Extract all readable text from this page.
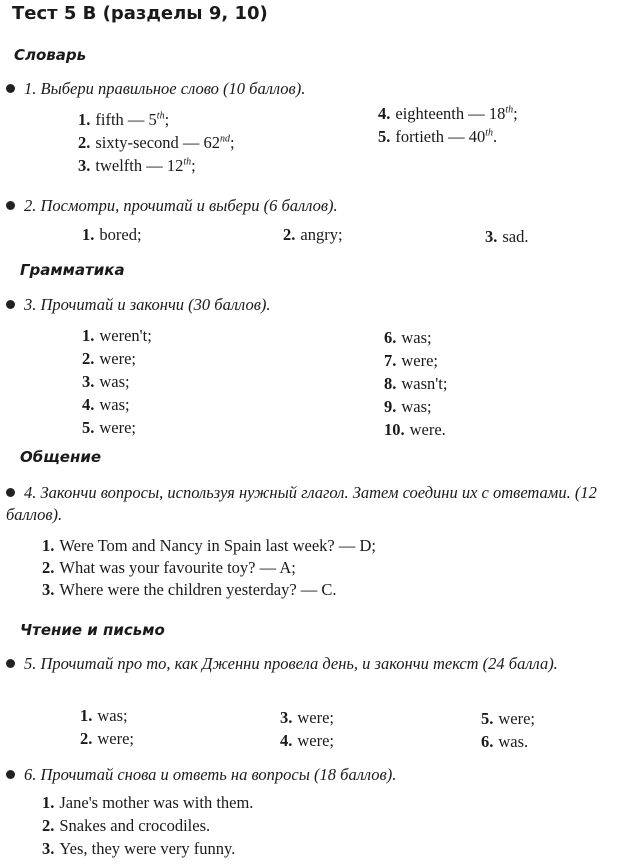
Тест 5 B (разделы 9, 10)
Словарь
1. Выбери правильное слово (10 баллов).
1. fifth — 5th;
2. sixty-second — 62nd;
3. twelfth — 12th;
4. eighteenth — 18th;
5. fortieth — 40th.
2. Посмотри, прочитай и выбери (6 баллов).
1. bored;	2. angry;	3. sad.
Грамматика
3. Прочитай и закончи (30 баллов).
1. weren't;
2. were;
3. was;
4. was;
5. were;
6. was;
7. were;
8. wasn't;
9. was;
10. were.
Общение
4. Закончи вопросы, используя нужный глагол. Затем соедини их с ответами. (12 баллов).
1. Were Tom and Nancy in Spain last week? — D;
2. What was your favourite toy? — A;
3. Where were the children yesterday? — C.
Чтение и письмо
5. Прочитай про то, как Дженни провела день, и закончи текст (24 балла).
1. was;
2. were;
3. were;
4. were;
5. were;
6. was.
6. Прочитай снова и ответь на вопросы (18 баллов).
1. Jane's mother was with them.
2. Snakes and crocodiles.
3. Yes, they were very funny.
